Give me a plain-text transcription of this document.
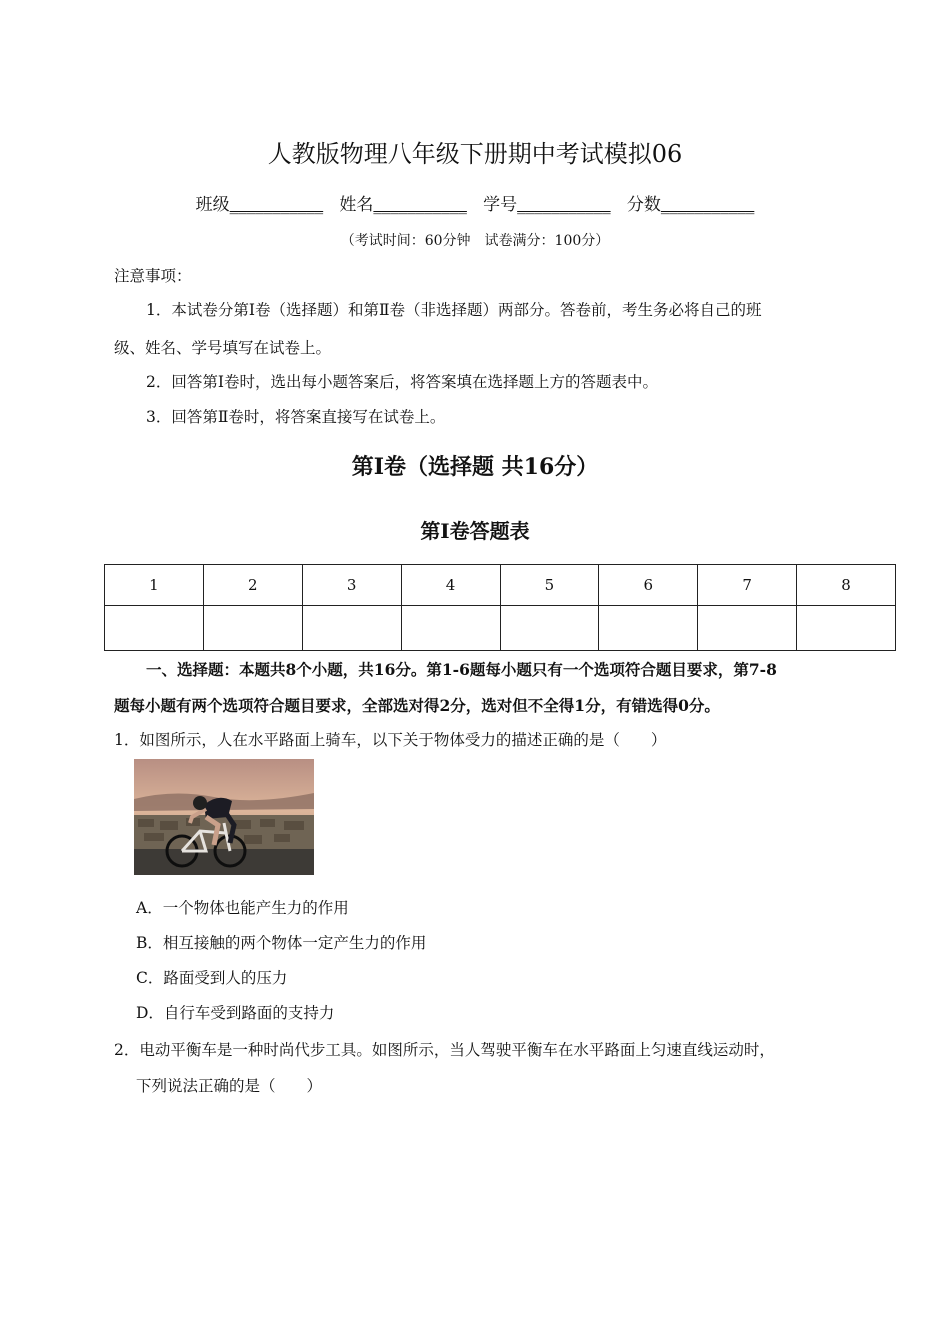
人教版物理八年级下册期中考试模拟06
班级___________ 姓名___________ 学号___________ 分数___________
（考试时间：60分钟　试卷满分：100分）
注意事项：
1．本试卷分第Ⅰ卷（选择题）和第Ⅱ卷（非选择题）两部分。答卷前，考生务必将自己的班
级、姓名、学号填写在试卷上。
2．回答第Ⅰ卷时，选出每小题答案后，将答案填在选择题上方的答题表中。
3．回答第Ⅱ卷时，将答案直接写在试卷上。
第Ⅰ卷（选择题 共16分）
第Ⅰ卷答题表
1	2	3	4	5	6	7	8

一、选择题：本题共8个小题，共16分。第1-6题每小题只有一个选项符合题目要求，第7-8
题每小题有两个选项符合题目要求，全部选对得2分，选对但不全得1分，有错选得0分。
1．如图所示，人在水平路面上骑车，以下关于物体受力的描述正确的是（　　）
A．一个物体也能产生力的作用
B．相互接触的两个物体一定产生力的作用
C．路面受到人的压力
D．自行车受到路面的支持力
2．电动平衡车是一种时尚代步工具。如图所示，当人驾驶平衡车在水平路面上匀速直线运动时，
下列说法正确的是（　　）
